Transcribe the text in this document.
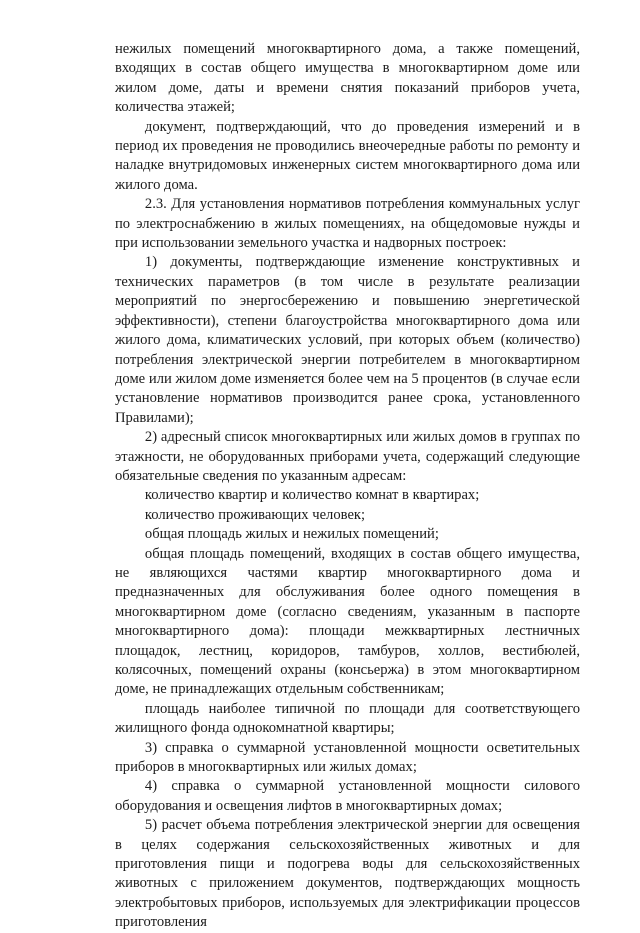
нежилых помещений многоквартирного дома, а также помещений, входящих в состав общего имущества в многоквартирном доме или жилом доме, даты и времени снятия показаний приборов учета, количества этажей;

документ, подтверждающий, что до проведения измерений и в период их проведения не проводились внеочередные работы по ремонту и наладке внутридомовых инженерных систем многоквартирного дома или жилого дома.

2.3. Для установления нормативов потребления коммунальных услуг по электроснабжению в жилых помещениях, на общедомовые нужды и при использовании земельного участка и надворных построек:

1) документы, подтверждающие изменение конструктивных и технических параметров (в том числе в результате реализации мероприятий по энергосбережению и повышению энергетической эффективности), степени благоустройства многоквартирного дома или жилого дома, климатических условий, при которых объем (количество) потребления электрической энергии потребителем в многоквартирном доме или жилом доме изменяется более чем на 5 процентов (в случае если установление нормативов производится ранее срока, установленного Правилами);

2) адресный список многоквартирных или жилых домов в группах по этажности, не оборудованных приборами учета, содержащий следующие обязательные сведения по указанным адресам:

количество квартир и количество комнат в квартирах;

количество проживающих человек;

общая площадь жилых и нежилых помещений;

общая площадь помещений, входящих в состав общего имущества, не являющихся частями квартир многоквартирного дома и предназначенных для обслуживания более одного помещения в многоквартирном доме (согласно сведениям, указанным в паспорте многоквартирного дома): площади межквартирных лестничных площадок, лестниц, коридоров, тамбуров, холлов, вестибюлей, колясочных, помещений охраны (консьержа) в этом многоквартирном доме, не принадлежащих отдельным собственникам;

площадь наиболее типичной по площади для соответствующего жилищного фонда однокомнатной квартиры;

3) справка о суммарной установленной мощности осветительных приборов в многоквартирных или жилых домах;

4) справка о суммарной установленной мощности силового оборудования и освещения лифтов в многоквартирных домах;

5) расчет объема потребления электрической энергии для освещения в целях содержания сельскохозяйственных животных и для приготовления пищи и подогрева воды для сельскохозяйственных животных с приложением документов, подтверждающих мощность электробытовых приборов, используемых для электрификации процессов приготовления
